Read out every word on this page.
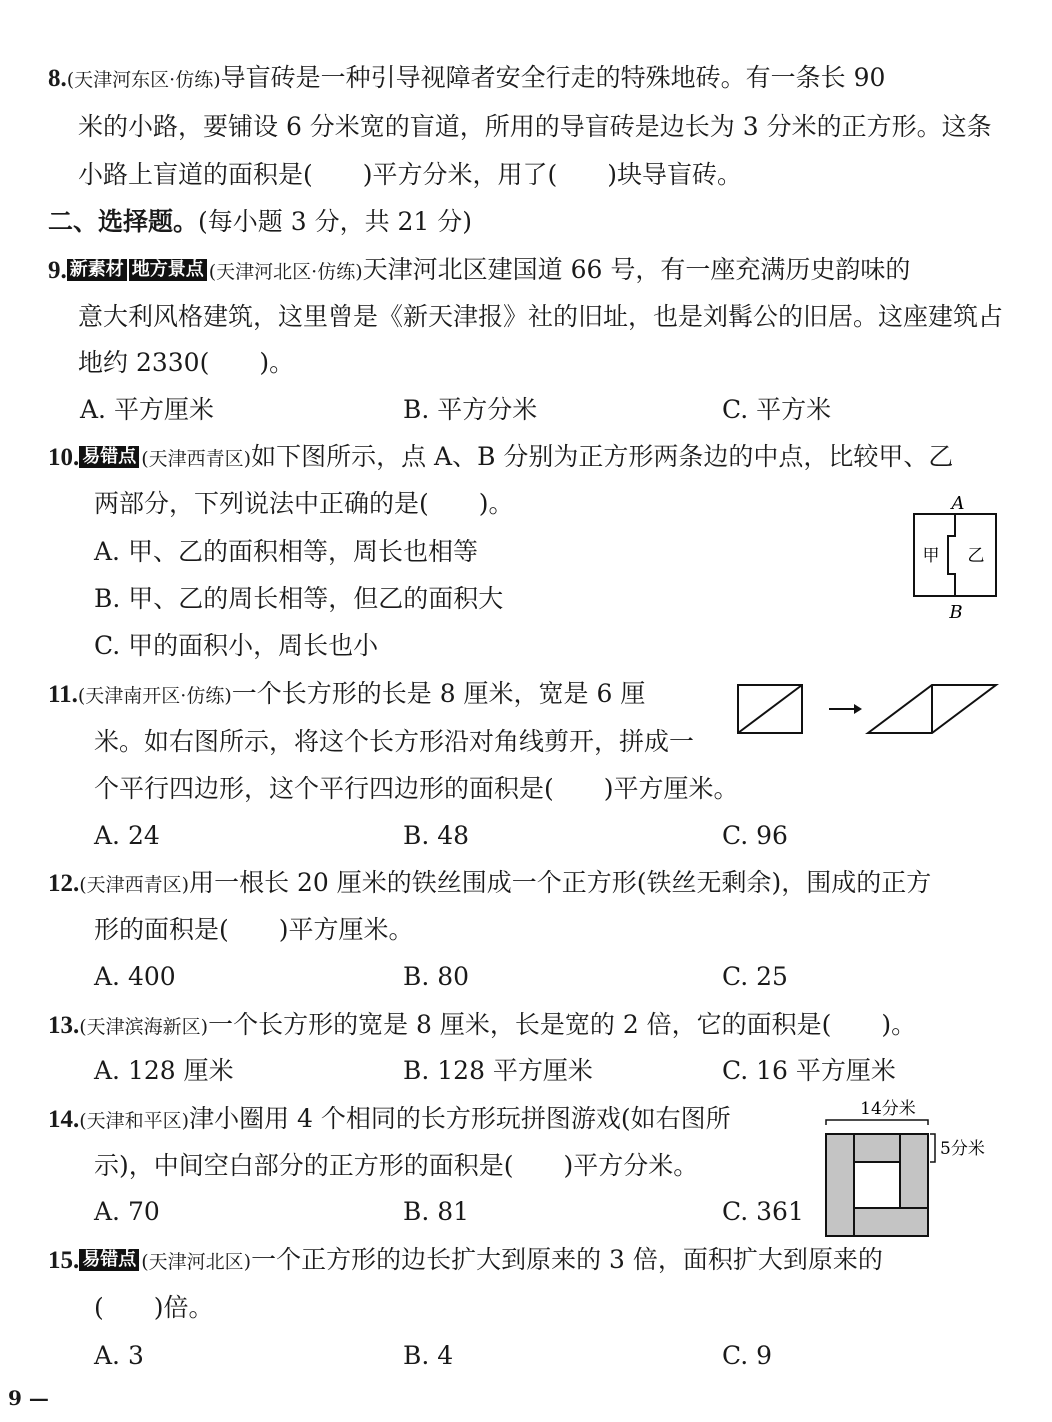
8.(天津河东区·仿练)导盲砖是一种引导视障者安全行走的特殊地砖。有一条长 90
米的小路，要铺设 6 分米宽的盲道，所用的导盲砖是边长为 3 分米的正方形。这条
小路上盲道的面积是(　　)平方分米，用了(　　)块导盲砖。
二、选择题。(每小题 3 分，共 21 分)
9. 新素材 地方景点 (天津河北区·仿练)天津河北区建国道 66 号，有一座充满历史韵味的
意大利风格建筑，这里曾是《新天津报》社的旧址，也是刘髯公的旧居。这座建筑占
地约 2330(　　)。
A. 平方厘米	B. 平方分米	C. 平方米
10. 易错点 (天津西青区)如下图所示，点 A、B 分别为正方形两条边的中点，比较甲、乙
两部分，下列说法中正确的是(　　)。
A. 甲、乙的面积相等，周长也相等
B. 甲、乙的周长相等，但乙的面积大
C. 甲的面积小，周长也小
A
甲 乙
B
11.(天津南开区·仿练)一个长方形的长是 8 厘米，宽是 6 厘
米。如右图所示，将这个长方形沿对角线剪开，拼成一
个平行四边形，这个平行四边形的面积是(　　)平方厘米。
A. 24	B. 48	C. 96
12.(天津西青区)用一根长 20 厘米的铁丝围成一个正方形(铁丝无剩余)，围成的正方
形的面积是(　　)平方厘米。
A. 400	B. 80	C. 25
13.(天津滨海新区)一个长方形的宽是 8 厘米，长是宽的 2 倍，它的面积是(　　)。
A. 128 厘米	B. 128 平方厘米	C. 16 平方厘米
14.(天津和平区)津小圈用 4 个相同的长方形玩拼图游戏(如右图所
示)，中间空白部分的正方形的面积是(　　)平方分米。
A. 70	B. 81	C. 361
14分米
5分米
15. 易错点 (天津河北区)一个正方形的边长扩大到原来的 3 倍，面积扩大到原来的
(　　)倍。
A. 3	B. 4	C. 9
9 —
